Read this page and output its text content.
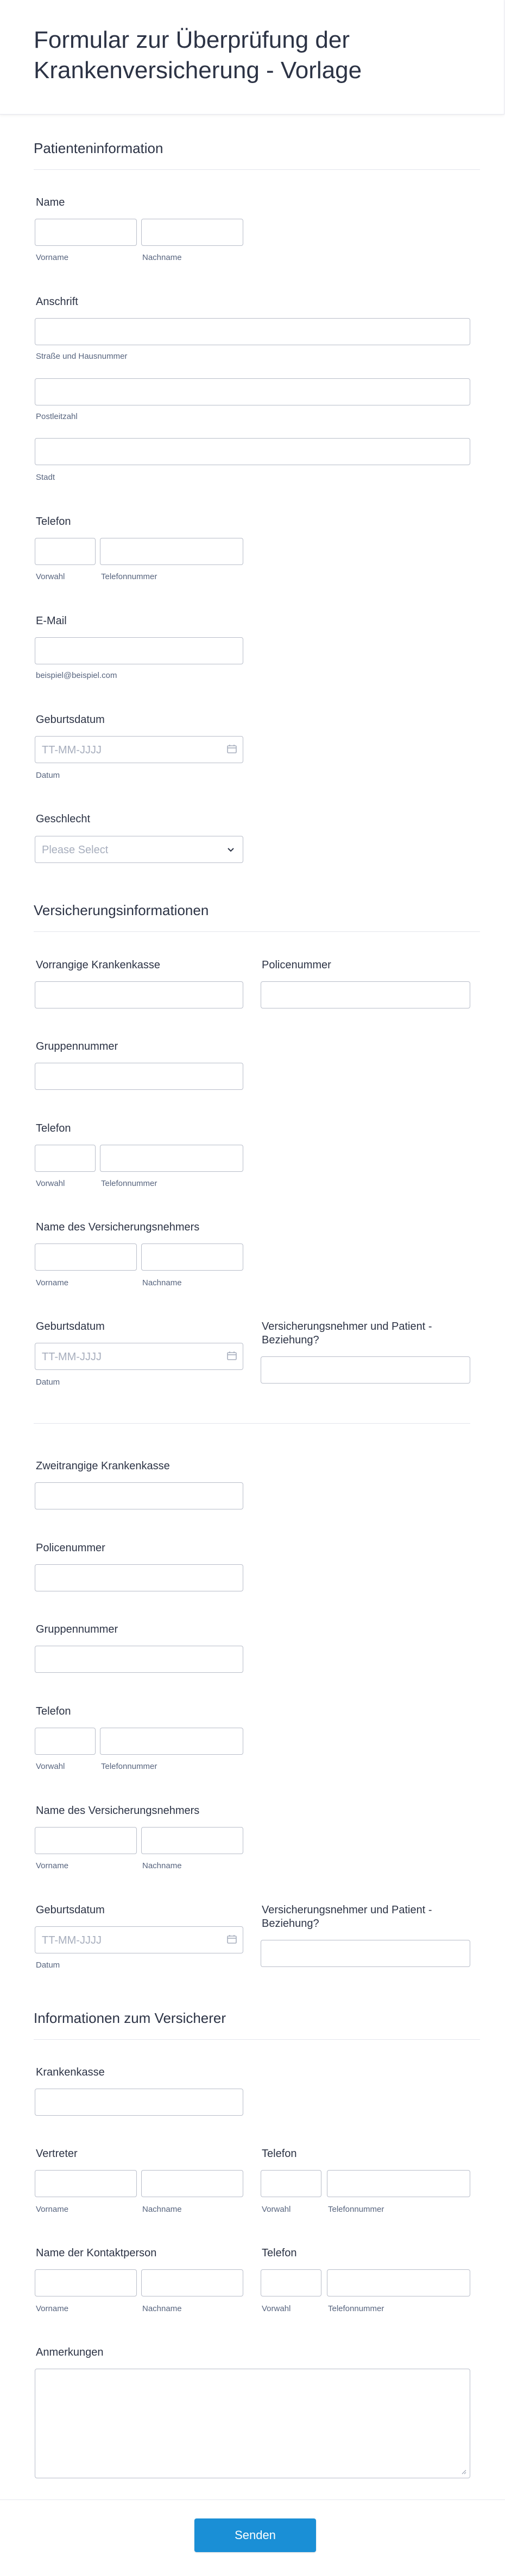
Formular zur Überprüfung der
Krankenversicherung - Vorlage
Patienteninformation
Name
Vorname	Nachname
Anschrift
Straße und Hausnummer
Postleitzahl
Stadt
Telefon
Vorwahl	Telefonnummer
E-Mail
beispiel@beispiel.com
Geburtsdatum
TT-MM-JJJJ
Datum
Geschlecht
Please Select
Versicherungsinformationen
Vorrangige Krankenkasse	Policenummer
Gruppennummer
Telefon
Vorwahl	Telefonnummer
Name des Versicherungsnehmers
Vorname	Nachname
Geburtsdatum	Versicherungsnehmer und Patient -
Beziehung?
TT-MM-JJJJ
Datum
Zweitrangige Krankenkasse
Policenummer
Gruppennummer
Telefon
Vorwahl	Telefonnummer
Name des Versicherungsnehmers
Vorname	Nachname
Geburtsdatum	Versicherungsnehmer und Patient -
Beziehung?
TT-MM-JJJJ
Datum
Informationen zum Versicherer
Krankenkasse
Vertreter	Telefon
Vorname	Nachname	Vorwahl	Telefonnummer
Name der Kontaktperson	Telefon
Vorname	Nachname	Vorwahl	Telefonnummer
Anmerkungen
Senden
